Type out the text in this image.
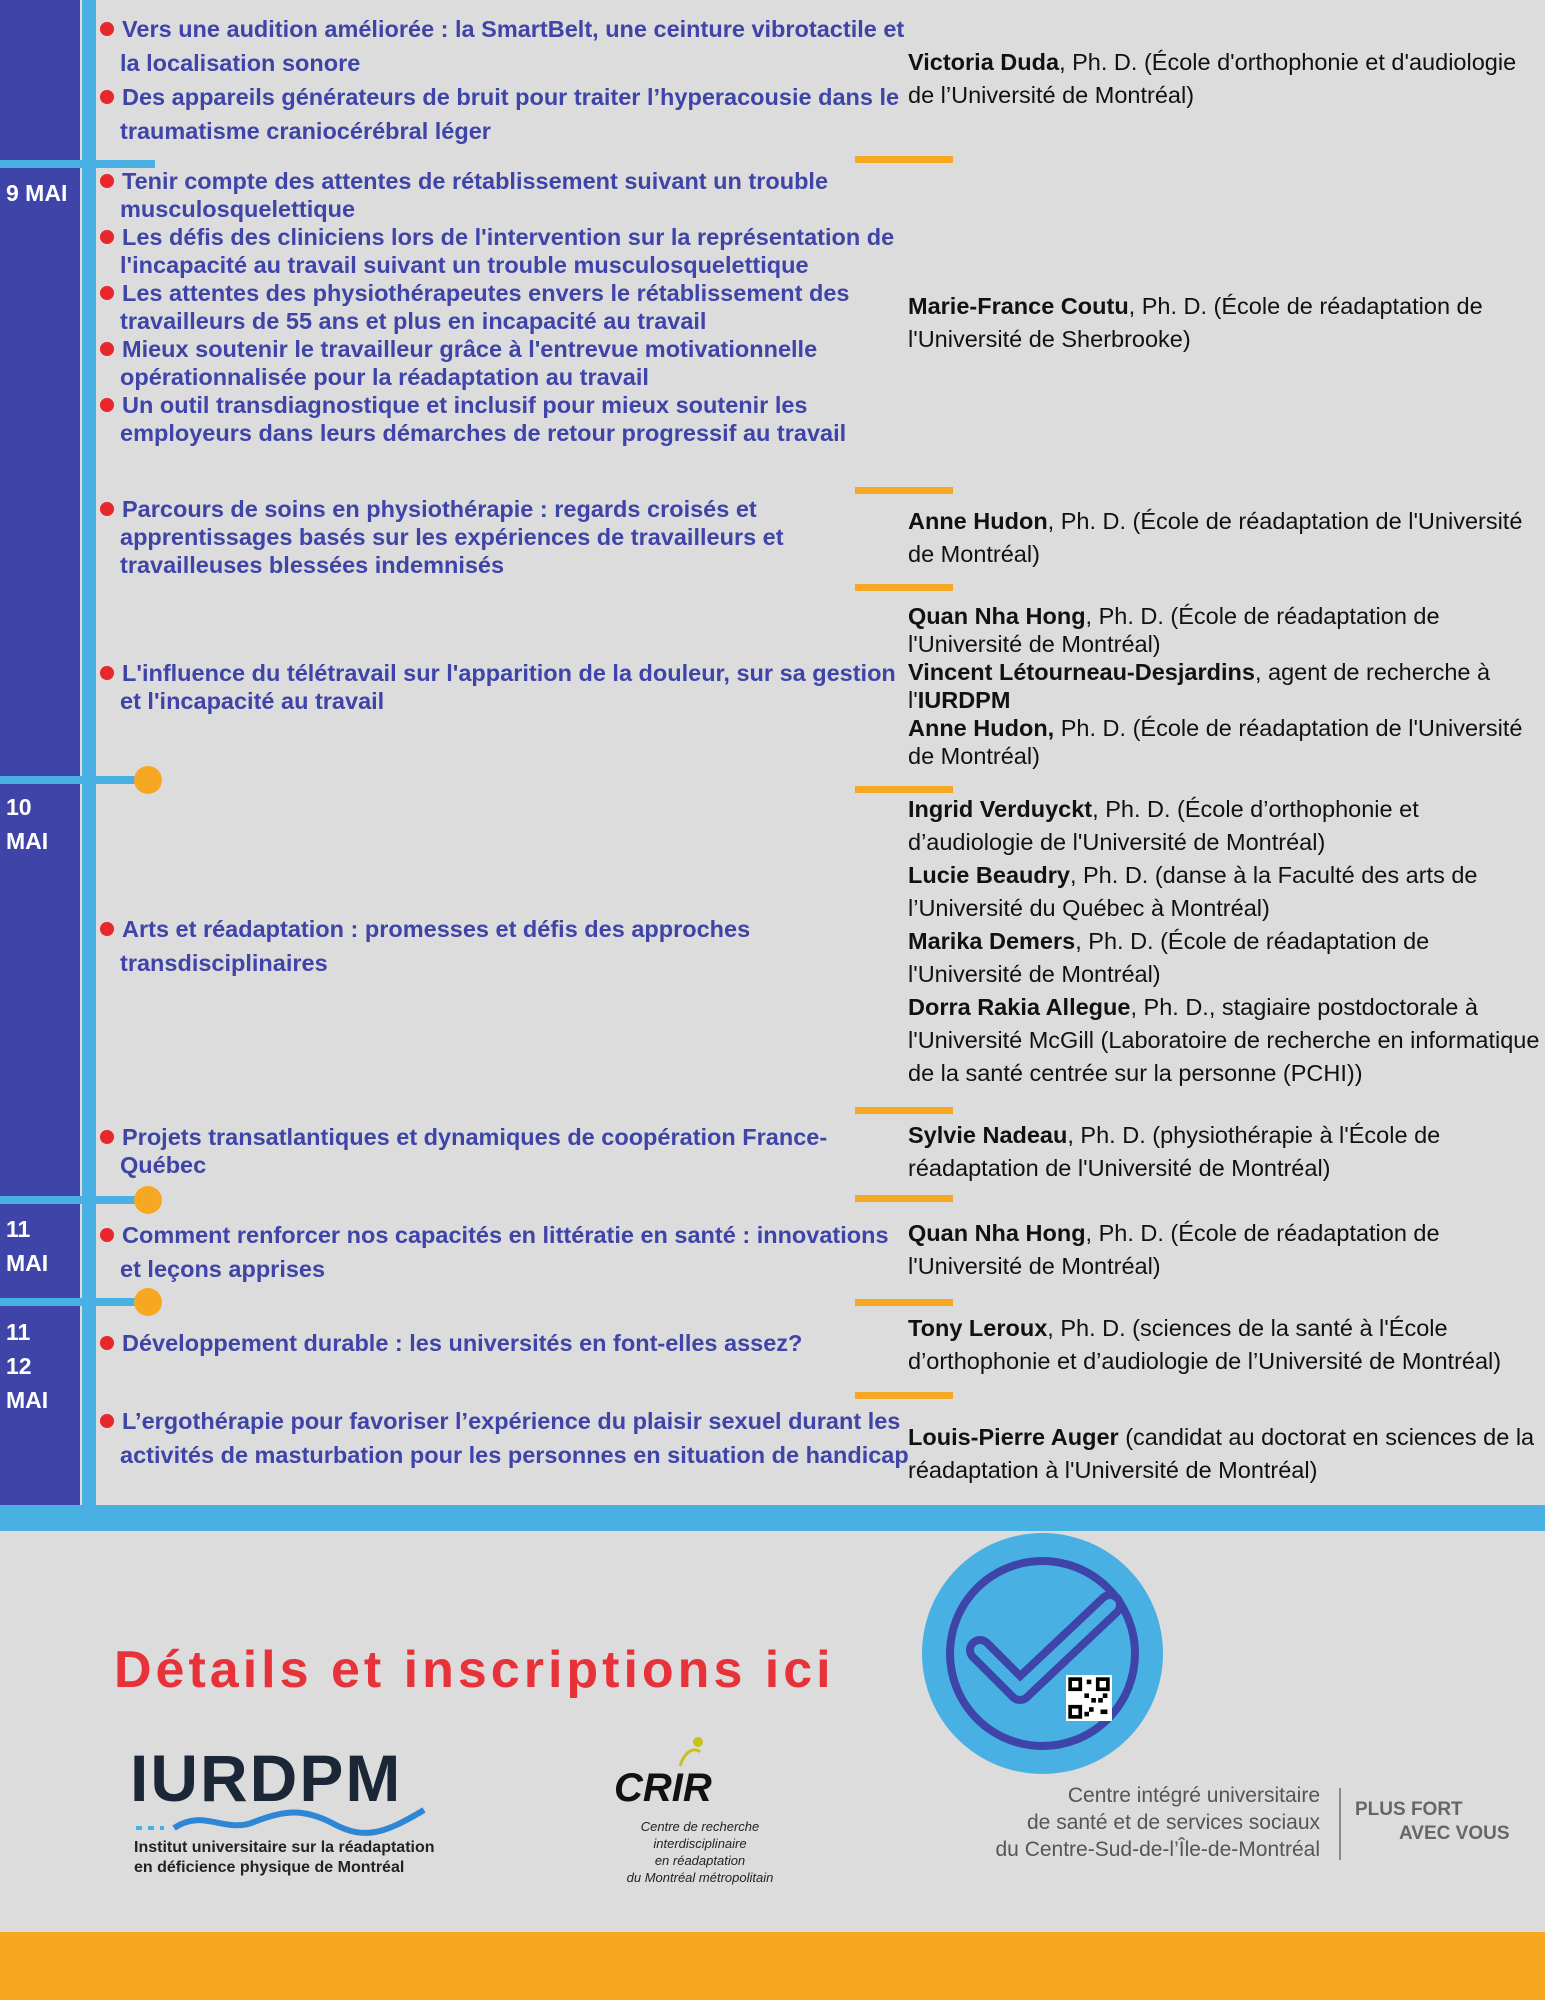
9 MAI
10
MAI
11
MAI
11
12
MAI
Vers une audition améliorée : la SmartBelt, une ceinture vibrotactile et la localisation sonore
Des appareils générateurs de bruit pour traiter l’hyperacousie dans le traumatisme craniocérébral léger
Victoria Duda, Ph. D. (École d'orthophonie et d'audiologie de l’Université de Montréal)
Tenir compte des attentes de rétablissement suivant un trouble musculosquelettique
Les défis des cliniciens lors de l'intervention sur la représentation de l'incapacité au travail suivant un trouble musculosquelettique
Les attentes des physiothérapeutes envers le rétablissement des travailleurs de 55 ans et plus en incapacité au travail
Mieux soutenir le travailleur grâce à l'entrevue motivationnelle opérationnalisée pour la réadaptation au travail
Un outil transdiagnostique et inclusif pour mieux soutenir les employeurs dans leurs démarches de retour progressif au travail
Marie-France Coutu, Ph. D. (École de réadaptation de l'Université de Sherbrooke)
Parcours de soins en physiothérapie : regards croisés et apprentissages basés sur les expériences de travailleurs et travailleuses blessées indemnisés
Anne Hudon, Ph. D. (École de réadaptation de l'Université de Montréal)
L'influence du télétravail sur l'apparition de la douleur, sur sa gestion et l'incapacité au travail
Quan Nha Hong, Ph. D. (École de réadaptation de l'Université de Montréal)
Vincent Létourneau-Desjardins, agent de recherche à l'IURDPM
Anne Hudon, Ph. D. (École de réadaptation de l'Université de Montréal)
Arts et réadaptation : promesses et défis des approches transdisciplinaires
Ingrid Verduyckt, Ph. D. (École d’orthophonie et d’audiologie de l'Université de Montréal)
Lucie Beaudry, Ph. D. (danse à la Faculté des arts de l’Université du Québec à Montréal)
Marika Demers, Ph. D. (École de réadaptation de l'Université de Montréal)
Dorra Rakia Allegue, Ph. D., stagiaire postdoctorale à l'Université McGill (Laboratoire de recherche en informatique de la santé centrée sur la personne (PCHI))
Projets transatlantiques et dynamiques de coopération France-Québec
Sylvie Nadeau, Ph. D. (physiothérapie à l'École de réadaptation de l'Université de Montréal)
Comment renforcer nos capacités en littératie en santé : innovations et leçons apprises
Quan Nha Hong, Ph. D. (École de réadaptation de l'Université de Montréal)
Développement durable : les universités en font-elles assez?
Tony Leroux, Ph. D. (sciences de la santé à l'École d’orthophonie et d’audiologie de l’Université de Montréal)
L’ergothérapie pour favoriser l’expérience du plaisir sexuel durant les activités de masturbation pour les personnes en situation de handicap
Louis-Pierre Auger (candidat au doctorat en sciences de la réadaptation à l'Université de Montréal)
Détails et inscriptions ici
IURDPM
Institut universitaire sur la réadaptation
en déficience physique de Montréal
CRIR
Centre de recherche
interdisciplinaire
en réadaptation
du Montréal métropolitain
Centre intégré universitaire
de santé et de services sociaux
du Centre-Sud-de-l’Île-de-Montréal
PLUS FORT
AVEC VOUS
